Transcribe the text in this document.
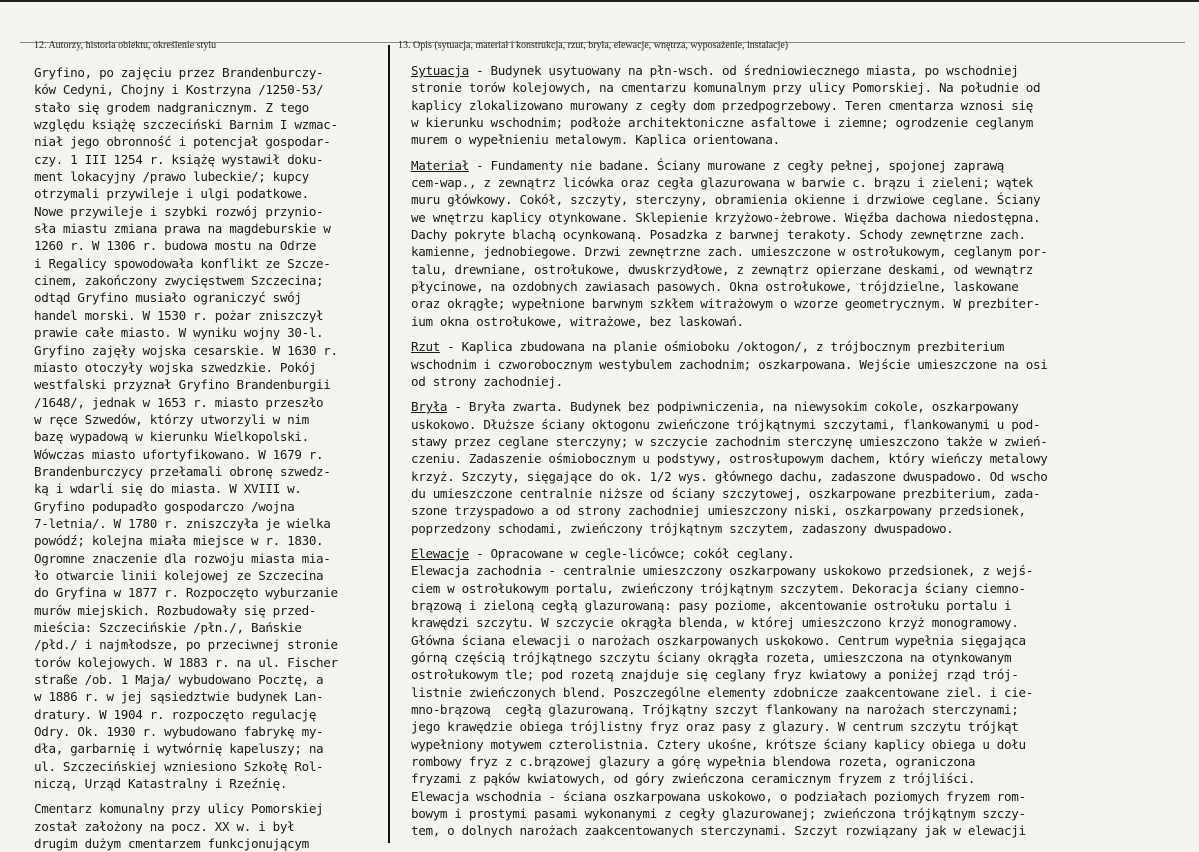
12. Autorzy, historia obiektu, określenie stylu	13. Opis (sytuacja, materiał i konstrukcja, rzut, bryła, elewacje, wnętrza, wyposażenie, instalacje)
Gryfino, po zajęciu przez Brandenburczy-
ków Cedyni, Chojny i Kostrzyna /1250-53/
stało się grodem nadgranicznym. Z tego
względu książę szczeciński Barnim I wzmac-
niał jego obronność i potencjał gospodar-
czy. 1 III 1254 r. książę wystawił doku-
ment lokacyjny /prawo lubeckie/; kupcy
otrzymali przywileje i ulgi podatkowe.
Nowe przywileje i szybki rozwój przynio-
sła miastu zmiana prawa na magdeburskie w
1260 r. W 1306 r. budowa mostu na Odrze
i Regalicy spowodowała konflikt ze Szcze-
cinem, zakończony zwycięstwem Szczecina;
odtąd Gryfino musiało ograniczyć swój
handel morski. W 1530 r. pożar zniszczył
prawie całe miasto. W wyniku wojny 30-l.
Gryfino zajęły wojska cesarskie. W 1630 r.
miasto otoczyły wojska szwedzkie. Pokój
westfalski przyznał Gryfino Brandenburgii
/1648/, jednak w 1653 r. miasto przeszło
w ręce Szwedów, którzy utworzyli w nim
bazę wypadową w kierunku Wielkopolski.
Wówczas miasto ufortyfikowano. W 1679 r.
Brandenburczycy przełamali obronę szwedz-
ką i wdarli się do miasta. W XVIII w.
Gryfino podupadło gospodarczo /wojna
7-letnia/. W 1780 r. zniszczyła je wielka
powódź; kolejna miała miejsce w r. 1830.
Ogromne znaczenie dla rozwoju miasta mia-
ło otwarcie linii kolejowej ze Szczecina
do Gryfina w 1877 r. Rozpoczęto wyburzanie
murów miejskich. Rozbudowały się przed-
mieścia: Szczecińskie /płn./, Bańskie
/płd./ i najmłodsze, po przeciwnej stronie
torów kolejowych. W 1883 r. na ul. Fischer
straße /ob. 1 Maja/ wybudowano Pocztę, a
w 1886 r. w jej sąsiedztwie budynek Lan-
dratury. W 1904 r. rozpoczęto regulację
Odry. Ok. 1930 r. wybudowano fabrykę my-
dła, garbarnię i wytwórnię kapeluszy; na
ul. Szczecińskiej wzniesiono Szkołę Rol-
niczą, Urząd Katastralny i Rzeźnię.
Cmentarz komunalny przy ulicy Pomorskiej
został założony na pocz. XX w. i był
drugim dużym cmentarzem funkcjonującym
Sytuacja - Budynek usytuowany na płn-wsch. od średniowiecznego miasta, po wschodniej
stronie torów kolejowych, na cmentarzu komunalnym przy ulicy Pomorskiej. Na południe od
kaplicy zlokalizowano murowany z cegły dom przedpogrzebowy. Teren cmentarza wznosi się
w kierunku wschodnim; podłoże architektoniczne asfaltowe i ziemne; ogrodzenie ceglanym
murem o wypełnieniu metalowym. Kaplica orientowana.
Materiał - Fundamenty nie badane. Ściany murowane z cegły pełnej, spojonej zaprawą
cem-wap., z zewnątrz licówka oraz cegła glazurowana w barwie c. brązu i zieleni; wątek
muru główkowy. Cokół, szczyty, sterczyny, obramienia okienne i drzwiowe ceglane. Ściany
we wnętrzu kaplicy otynkowane. Sklepienie krzyżowo-żebrowe. Więźba dachowa niedostępna.
Dachy pokryte blachą ocynkowaną. Posadzka z barwnej terakoty. Schody zewnętrzne zach.
kamienne, jednobiegowe. Drzwi zewnętrzne zach. umieszczone w ostrołukowym, ceglanym por-
talu, drewniane, ostrołukowe, dwuskrzydłowe, z zewnątrz opierzane deskami, od wewnątrz
płycinowe, na ozdobnych zawiasach pasowych. Okna ostrołukowe, trójdzielne, laskowane
oraz okrągłe; wypełnione barwnym szkłem witrażowym o wzorze geometrycznym. W prezbiter-
ium okna ostrołukowe, witrażowe, bez laskowań.
Rzut - Kaplica zbudowana na planie ośmioboku /oktogon/, z trójbocznym prezbiterium
wschodnim i czworobocznym westybulem zachodnim; oszkarpowana. Wejście umieszczone na osi
od strony zachodniej.
Bryła - Bryła zwarta. Budynek bez podpiwniczenia, na niewysokim cokole, oszkarpowany
uskokowo. Dłuższe ściany oktogonu zwieńczone trójkątnymi szczytami, flankowanymi u pod-
stawy przez ceglane sterczyny; w szczycie zachodnim sterczynę umieszczono także w zwień-
czeniu. Zadaszenie ośmiobocznym u podstywy, ostrosłupowym dachem, który wieńczy metalowy
krzyż. Szczyty, sięgające do ok. 1/2 wys. głównego dachu, zadaszone dwuspadowo. Od wscho
du umieszczone centralnie niższe od ściany szczytowej, oszkarpowane prezbiterium, zada-
szone trzyspadowo a od strony zachodniej umieszczony niski, oszkarpowany przedsionek,
poprzedzony schodami, zwieńczony trójkątnym szczytem, zadaszony dwuspadowo.
Elewacje - Opracowane w cegle-licówce; cokół ceglany.
Elewacja zachodnia - centralnie umieszczony oszkarpowany uskokowo przedsionek, z wejś-
ciem w ostrołukowym portalu, zwieńczony trójkątnym szczytem. Dekoracja ściany ciemno-
brązową i zieloną cegłą glazurowaną: pasy poziome, akcentowanie ostrołuku portalu i
krawędzi szczytu. W szczycie okrągła blenda, w której umieszczono krzyż monogramowy.
Główna ściana elewacji o narożach oszkarpowanych uskokowo. Centrum wypełnia sięgająca
górną częścią trójkątnego szczytu ściany okrągła rozeta, umieszczona na otynkowanym
ostrołukowym tle; pod rozetą znajduje się ceglany fryz kwiatowy a poniżej rząd trój-
listnie zwieńczonych blend. Poszczególne elementy zdobnicze zaakcentowane ziel. i cie-
mno-brązową  cegłą glazurowaną. Trójkątny szczyt flankowany na narożach sterczynami;
jego krawędzie obiega trójlistny fryz oraz pasy z glazury. W centrum szczytu trójkąt
wypełniony motywem czterolistnia. Cztery ukośne, krótsze ściany kaplicy obiega u dołu
rombowy fryz z c.brązowej glazury a górę wypełnia blendowa rozeta, ograniczona
fryzami z pąków kwiatowych, od góry zwieńczona ceramicznym fryzem z trójliści.
Elewacja wschodnia - ściana oszkarpowana uskokowo, o podziałach poziomych fryzem rom-
bowym i prostymi pasami wykonanymi z cegły glazurowanej; zwieńczona trójkątnym szczy-
tem, o dolnych narożach zaakcentowanych sterczynami. Szczyt rozwiązany jak w elewacji
